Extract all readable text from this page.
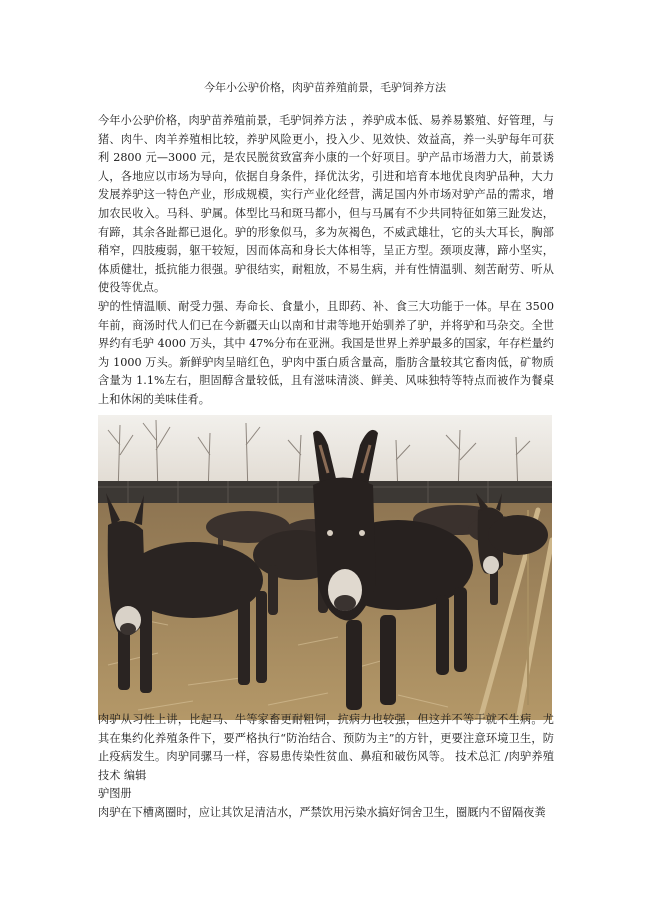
今年小公驴价格，肉驴苗养殖前景，毛驴饲养方法

今年小公驴价格，肉驴苗养殖前景，毛驴饲养方法 ，养驴成本低、易养易繁殖、好管理，与猪、肉牛、肉羊养殖相比较，养驴风险更小，投入少、见效快、效益高，养一头驴每年可获利 2800 元—3000 元，是农民脱贫致富奔小康的一个好项目。驴产品市场潜力大，前景诱人，各地应以市场为导向，依据自身条件，择优汰劣，引进和培育本地优良肉驴品种，大力发展养驴这一特色产业，形成规模，实行产业化经营，满足国内外市场对驴产品的需求，增加农民收入。马科、驴属。体型比马和斑马都小，但与马属有不少共同特征如第三趾发达，有蹄，其余各趾都已退化。驴的形象似马，多为灰褐色，不威武雄壮，它的头大耳长，胸部稍窄，四肢瘦弱，躯干较短，因而体高和身长大体相等，呈正方型。颈项皮薄，蹄小坚实，体质健壮，抵抗能力很强。驴很结实，耐粗放，不易生病，并有性情温驯、刻苦耐劳、听从使役等优点。

驴的性情温顺、耐受力强、寿命长、食量小，且即药、补、食三大功能于一体。早在 3500 年前，商汤时代人们已在今新疆天山以南和甘肃等地开始驯养了驴，并将驴和马杂交。全世界约有毛驴 4000 万头，其中 47%分布在亚洲。我国是世界上养驴最多的国家，年存栏量约为 1000 万头。新鲜驴肉呈暗红色，驴肉中蛋白质含量高，脂肪含量较其它畜肉低，矿物质含量为 1.1%左右，胆固醇含量较低，且有滋味清淡、鲜美、风味独特等特点而被作为餐桌上和休闲的美味佳肴。

肉驴从习性上讲，比起马、牛等家畜更耐粗饲，抗病力也较强，但这并不等于就不生病。尤其在集约化养殖条件下，要严格执行“防治结合、预防为主”的方针，更要注意环境卫生，防止疫病发生。肉驴同骡马一样，容易患传染性贫血、鼻疽和破伤风等。 技术总汇 /肉驴养殖技术 编辑

驴图册

肉驴在下槽离圈时，应让其饮足清洁水，严禁饮用污染水搞好饲舍卫生，圈厩内不留隔夜粪
